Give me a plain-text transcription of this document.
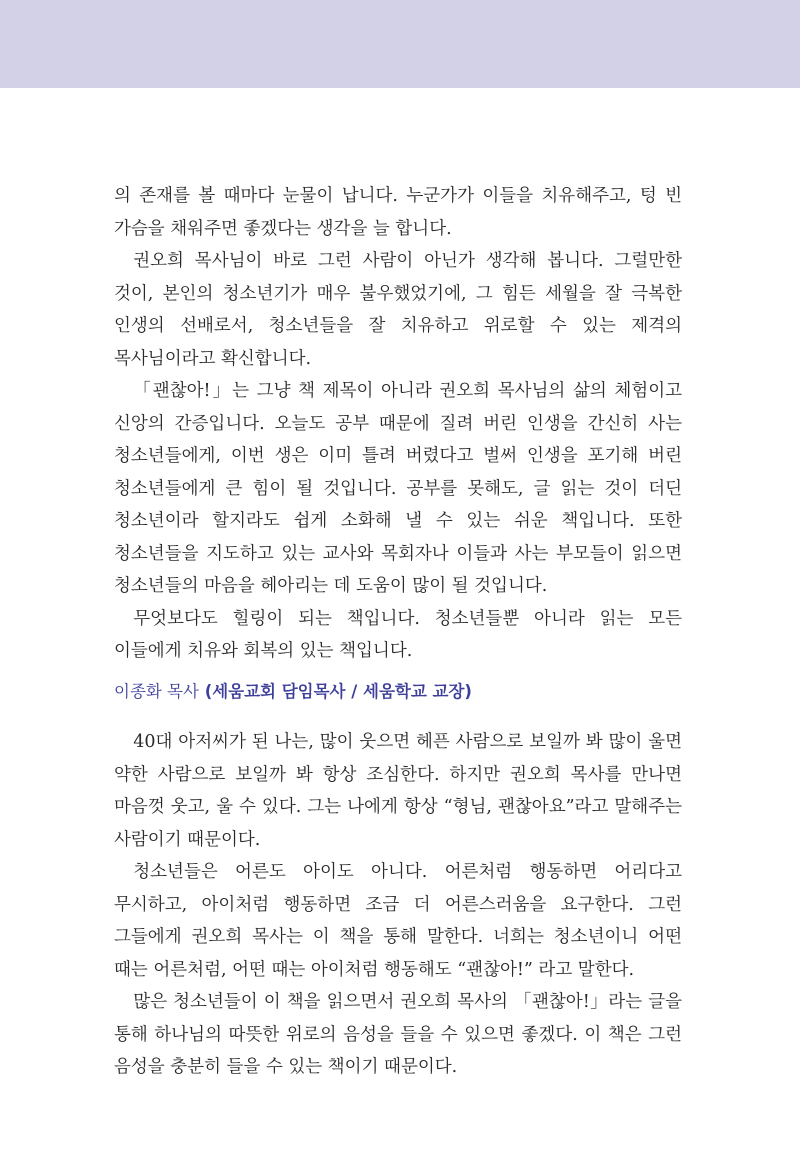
의 존재를 볼 때마다 눈물이 납니다. 누군가가 이들을 치유해주고, 텅 빈 가슴을 채워주면 좋겠다는 생각을 늘 합니다.

권오희 목사님이 바로 그런 사람이 아닌가 생각해 봅니다. 그럴만한 것이, 본인의 청소년기가 매우 불우했었기에, 그 힘든 세월을 잘 극복한 인생의 선배로서, 청소년들을 잘 치유하고 위로할 수 있는 제격의 목사님이라고 확신합니다.

「괜찮아!」는 그냥 책 제목이 아니라 권오희 목사님의 삶의 체험이고 신앙의 간증입니다. 오늘도 공부 때문에 질려 버린 인생을 간신히 사는 청소년들에게, 이번 생은 이미 틀려 버렸다고 벌써 인생을 포기해 버린 청소년들에게 큰 힘이 될 것입니다. 공부를 못해도, 글 읽는 것이 더딘 청소년이라 할지라도 쉽게 소화해 낼 수 있는 쉬운 책입니다. 또한 청소년들을 지도하고 있는 교사와 목회자나 이들과 사는 부모들이 읽으면 청소년들의 마음을 헤아리는 데 도움이 많이 될 것입니다.

무엇보다도 힐링이 되는 책입니다. 청소년들뿐 아니라 읽는 모든 이들에게 치유와 회복의 있는 책입니다.

이종화 목사 (세움교회 담임목사 / 세움학교 교장)

40대 아저씨가 된 나는, 많이 웃으면 헤픈 사람으로 보일까 봐 많이 울면 약한 사람으로 보일까 봐 항상 조심한다. 하지만 권오희 목사를 만나면 마음껏 웃고, 울 수 있다. 그는 나에게 항상 “형님, 괜찮아요”라고 말해주는 사람이기 때문이다.

청소년들은 어른도 아이도 아니다. 어른처럼 행동하면 어리다고 무시하고, 아이처럼 행동하면 조금 더 어른스러움을 요구한다. 그런 그들에게 권오희 목사는 이 책을 통해 말한다. 너희는 청소년이니 어떤 때는 어른처럼, 어떤 때는 아이처럼 행동해도 “괜찮아!” 라고 말한다.

많은 청소년들이 이 책을 읽으면서 권오희 목사의 「괜찮아!」라는 글을 통해 하나님의 따뜻한 위로의 음성을 들을 수 있으면 좋겠다. 이 책은 그런 음성을 충분히 들을 수 있는 책이기 때문이다.
